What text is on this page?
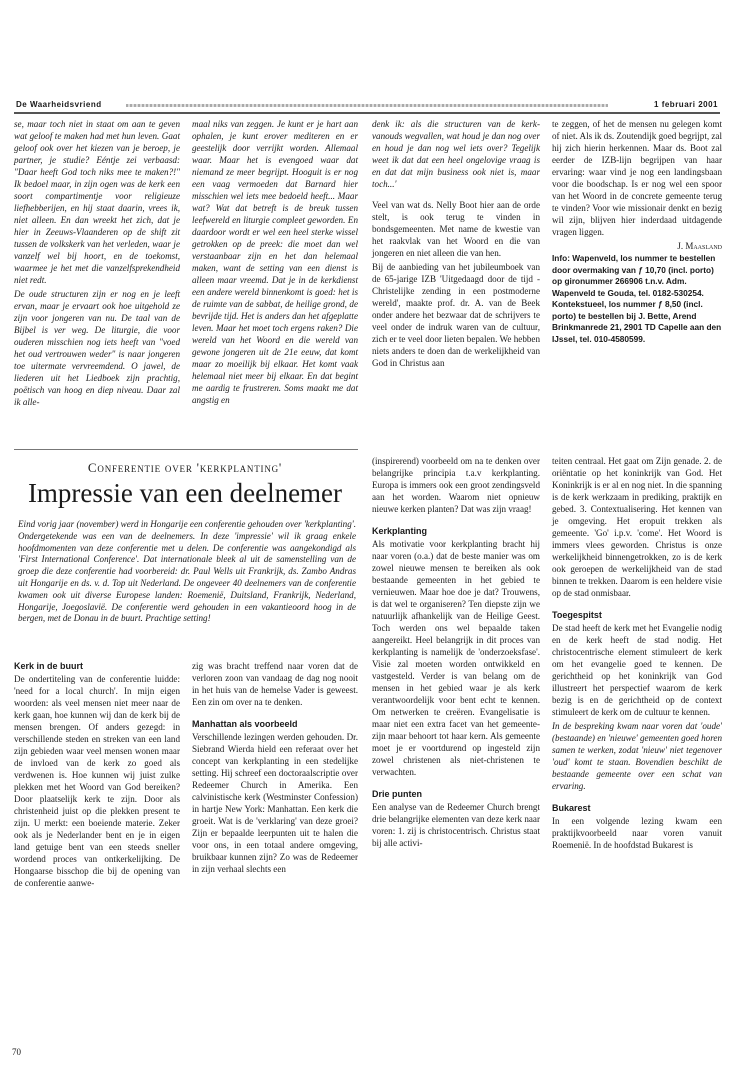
De Waarheidsvriend	1 februari 2001

se, maar toch niet in staat om aan te geven wat geloof te maken had met hun leven. Gaat geloof ook over het kiezen van je beroep, je partner, je studie? Eéntje zei verbaasd: "Daar heeft God toch niks mee te maken?!" Ik bedoel maar, in zijn ogen was de kerk een soort compartimentje voor religieuze liefhebberijen, en hij staat daarin, vrees ik, niet alleen. En dan wreekt het zich, dat je hier in Zeeuws-Vlaanderen op de shift zit tussen de volkskerk van het verleden, waar je vanzelf wel bij hoort, en de toekomst, waarmee je het met die vanzelfsprekendheid niet redt.

De oude structuren zijn er nog en je leeft ervan, maar je ervaart ook hoe uitgehold ze zijn voor jongeren van nu. De taal van de Bijbel is ver weg. De liturgie, die voor ouderen misschien nog iets heeft van "voed het oud vertrouwen weder" is naar jongeren toe uitermate vervreemdend. O jawel, de liederen uit het Liedboek zijn prachtig, poëtisch van hoog en diep niveau. Daar zal ik alle-

maal niks van zeggen. Je kunt er je hart aan ophalen, je kunt erover mediteren en er geestelijk door verrijkt worden. Allemaal waar. Maar het is evengoed waar dat niemand ze meer begrijpt. Hooguit is er nog een vaag vermoeden dat Barnard hier misschien wel iets mee bedoeld heeft... Maar wat? Wat dat betreft is de breuk tussen leefwereld en liturgie compleet geworden. En daardoor wordt er wel een heel sterke wissel getrokken op de preek: die moet dan wel verstaanbaar zijn en het dan helemaal maken, want de setting van een dienst is alleen maar vreemd. Dat je in de kerkdienst een andere wereld binnenkomt is goed: het is de ruimte van de sabbat, de heilige grond, de bevrijde tijd. Het is anders dan het afgeplatte leven. Maar het moet toch ergens raken? Die wereld van het Woord en die wereld van gewone jongeren uit de 21e eeuw, dat komt maar zo moeilijk bij elkaar. Het komt vaak helemaal niet meer bij elkaar. En dat begint me aardig te frustreren. Soms maakt me dat angstig en

denk ik: als die structuren van de kerk-vanouds wegvallen, wat houd je dan nog over en houd je dan nog wel iets over? Tegelijk weet ik dat dat een heel ongelovige vraag is en dat dat mijn business ook niet is, maar toch...'

Veel van wat ds. Nelly Boot hier aan de orde stelt, is ook terug te vinden in bondsgemeenten. Met name de kwestie van het raakvlak van het Woord en die van jongeren en niet alleen die van hen.

Bij de aanbieding van het jubileumboek van de 65-jarige IZB 'Uitgedaagd door de tijd - Christelijke zending in een postmoderne wereld', maakte prof. dr. A. van de Beek onder andere het bezwaar dat de schrijvers te veel onder de indruk waren van de cultuur, zich er te veel door lieten bepalen. We hebben niets anders te doen dan de werkelijkheid van God in Christus aan

te zeggen, of het de mensen nu gelegen komt of niet. Als ik ds. Zoutendijk goed begrijpt, zal hij zich hierin herkennen. Maar ds. Boot zal eerder de IZB-lijn begrijpen van haar ervaring: waar vind je nog een landingsbaan voor die boodschap. Is er nog wel een spoor van het Woord in de concrete gemeente terug te vinden? Voor wie missionair denkt en bezig wil zijn, blijven hier inderdaad uitdagende vragen liggen.

J. Maasland
Info: Wapenveld, los nummer te bestellen door overmaking van ƒ 10,70 (incl. porto) op gironummer 266906 t.n.v. Adm. Wapenveld te Gouda, tel. 0182-530254. Kontekstueel, los nummer ƒ 8,50 (incl. porto) te bestellen bij J. Bette, Arend Brinkmanrede 21, 2901 TD Capelle aan den IJssel, tel. 010-4580599.
Conferentie over 'kerkplanting'
Impressie van een deelnemer
Eind vorig jaar (november) werd in Hongarije een conferentie gehouden over 'kerkplanting'. Ondergetekende was een van de deelnemers. In deze 'impressie' wil ik graag enkele hoofdmomenten van deze conferentie met u delen. De conferentie was aangekondigd als 'First International Conference'. Dat internationale bleek al uit de samenstelling van de groep die deze conferentie had voorbereid: dr. Paul Wells uit Frankrijk, ds. Zambo Andras uit Hongarije en ds. v. d. Top uit Nederland. De ongeveer 40 deelnemers van de conferentie kwamen ook uit diverse Europese landen: Roemenië, Duitsland, Frankrijk, Nederland, Hongarije, Joegoslavië. De conferentie werd gehouden in een vakantieoord hoog in de bergen, met de Donau in de buurt. Prachtige setting!
Kerk in de buurt

De ondertiteling van de conferentie luidde: 'need for a local church'. In mijn eigen woorden: als veel mensen niet meer naar de kerk gaan, hoe kunnen wij dan de kerk bij de mensen brengen. Of anders gezegd: in verschillende steden en streken van een land zijn gebieden waar veel mensen wonen maar de invloed van de kerk zo goed als verdwenen is. Hoe kunnen wij juist zulke plekken met het Woord van God bereiken? Door plaatselijk kerk te zijn. Door als christenheid juist op die plekken present te zijn. U merkt: een boeiende materie. Zeker ook als je Nederlander bent en je in eigen land getuige bent van een steeds sneller wordend proces van ontkerkelijking. De Hongaarse bisschop die bij de opening van de conferentie aanwe-

zig was bracht treffend naar voren dat de verloren zoon van vandaag de dag nog nooit in het huis van de hemelse Vader is geweest. Een zin om over na te denken.

Manhattan als voorbeeld

Verschillende lezingen werden gehouden. Dr. Siebrand Wierda hield een referaat over het concept van kerkplanting in een stedelijke setting. Hij schreef een doctoraalscriptie over Redeemer Church in Amerika. Een calvinistische kerk (Westminster Confession) in hartje New York: Manhattan. Een kerk die groeit. Wat is de 'verklaring' van deze groei? Zijn er bepaalde leerpunten uit te halen die voor ons, in een totaal andere omgeving, bruikbaar kunnen zijn? Zo was de Redeemer in zijn verhaal slechts een

(inspirerend) voorbeeld om na te denken over belangrijke principia t.a.v kerkplanting. Europa is immers ook een groot zendingsveld aan het worden. Waarom niet opnieuw nieuwe kerken planten? Dat was zijn vraag!

Kerkplanting

Als motivatie voor kerkplanting bracht hij naar voren (o.a.) dat de beste manier was om zowel nieuwe mensen te bereiken als ook bestaande gemeenten in het gebied te vernieuwen. Maar hoe doe je dat? Trouwens, is dat wel te organiseren? Ten diepste zijn we natuurlijk afhankelijk van de Heilige Geest. Toch werden ons wel bepaalde taken aangereikt. Heel belangrijk in dit proces van kerkplanting is namelijk de 'onderzoeksfase'. Visie zal moeten worden ontwikkeld en vastgesteld. Verder is van belang om de mensen in het gebied waar je als kerk verantwoordelijk voor bent echt te kennen. Om netwerken te creëren. Evangelisatie is maar niet een extra facet van het gemeente-zijn maar behoort tot haar kern. Als gemeente moet je er voortdurend op ingesteld zijn zowel christenen als niet-christenen te verwachten.

Drie punten

Een analyse van de Redeemer Church brengt drie belangrijke elementen van deze kerk naar voren: 1. zij is christocentrisch. Christus staat bij alle activi-

teiten centraal. Het gaat om Zijn genade. 2. de oriëntatie op het koninkrijk van God. Het Koninkrijk is er al en nog niet. In die spanning is de kerk werkzaam in prediking, praktijk en gebed. 3. Contextualisering. Het kennen van je omgeving. Het eropuit trekken als gemeente. 'Go' i.p.v. 'come'. Het Woord is immers vlees geworden. Christus is onze werkelijkheid binnengetrokken, zo is de kerk ook geroepen de werkelijkheid van de stad binnen te trekken. Daarom is een heldere visie op de stad onmisbaar.

Toegespitst

De stad heeft de kerk met het Evangelie nodig en de kerk heeft de stad nodig. Het christocentrische element stimuleert de kerk om het evangelie goed te kennen. De gerichtheid op het koninkrijk van God illustreert het perspectief waarom de kerk bezig is en de gerichtheid op de context stimuleert de kerk om de cultuur te kennen.

In de bespreking kwam naar voren dat 'oude' (bestaande) en 'nieuwe' gemeenten goed horen samen te werken, zodat 'nieuw' niet tegenover 'oud' komt te staan. Bovendien beschikt de bestaande gemeente over een schat van ervaring.

Bukarest

In een volgende lezing kwam een praktijkvoorbeeld naar voren vanuit Roemenië. In de hoofdstad Bukarest is

70
